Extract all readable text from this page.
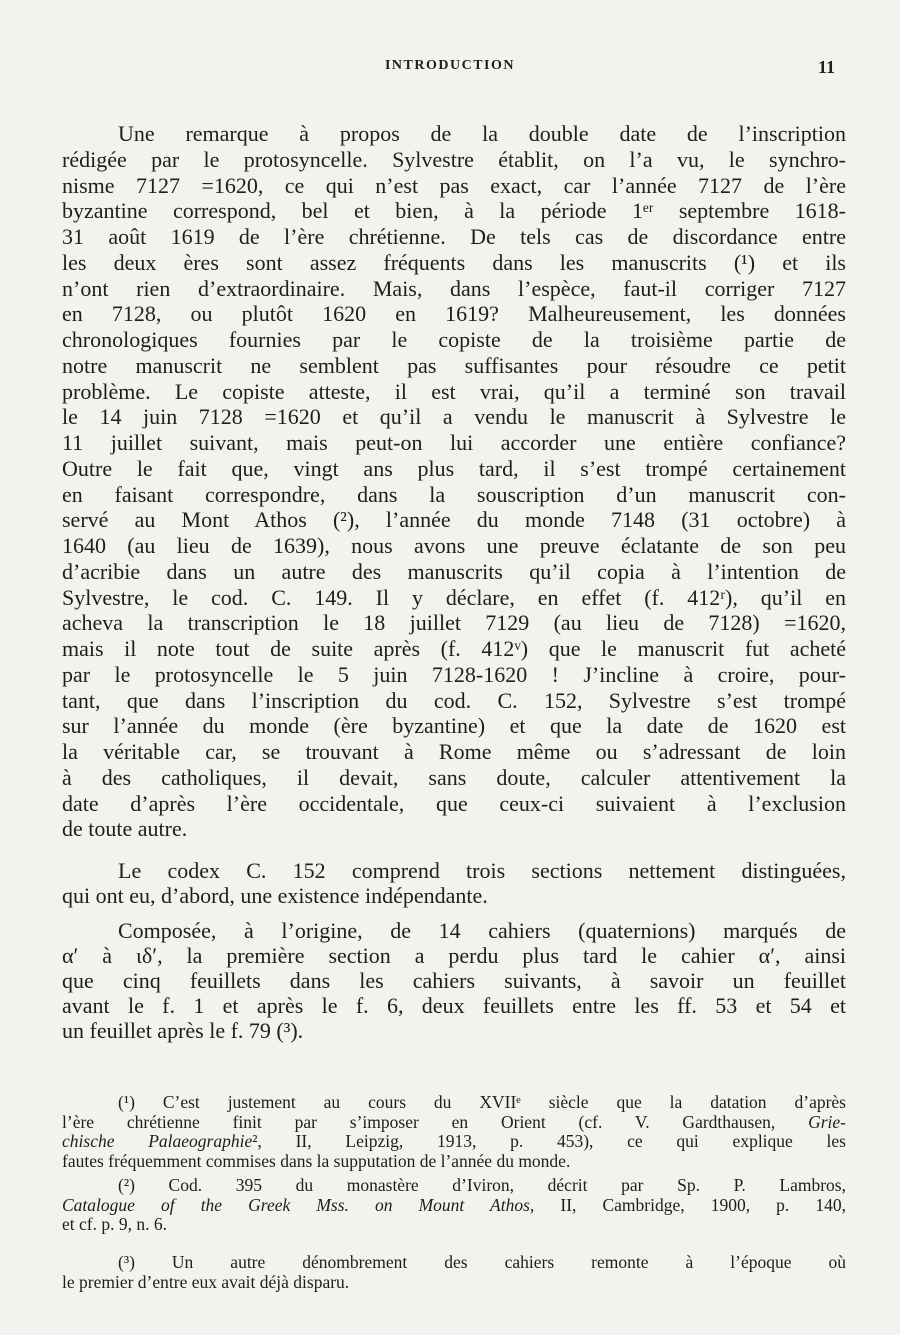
INTRODUCTION	11
Une remarque à propos de la double date de l’inscription
rédigée par le protosyncelle. Sylvestre établit, on l’a vu, le synchro-
nisme 7127 =1620, ce qui n’est pas exact, car l’année 7127 de l’ère
byzantine correspond, bel et bien, à la période 1ᵉʳ septembre 1618-
31 août 1619 de l’ère chrétienne. De tels cas de discordance entre
les deux ères sont assez fréquents dans les manuscrits (¹) et ils
n’ont rien d’extraordinaire. Mais, dans l’espèce, faut-il corriger 7127
en 7128, ou plutôt 1620 en 1619? Malheureusement, les données
chronologiques fournies par le copiste de la troisième partie de
notre manuscrit ne semblent pas suffisantes pour résoudre ce petit
problème. Le copiste atteste, il est vrai, qu’il a terminé son travail
le 14 juin 7128 =1620 et qu’il a vendu le manuscrit à Sylvestre le
11 juillet suivant, mais peut-on lui accorder une entière confiance?
Outre le fait que, vingt ans plus tard, il s’est trompé certainement
en faisant correspondre, dans la souscription d’un manuscrit con-
servé au Mont Athos (²), l’année du monde 7148 (31 octobre) à
1640 (au lieu de 1639), nous avons une preuve éclatante de son peu
d’acribie dans un autre des manuscrits qu’il copia à l’intention de
Sylvestre, le cod. C. 149. Il y déclare, en effet (f. 412ʳ), qu’il en
acheva la transcription le 18 juillet 7129 (au lieu de 7128) =1620,
mais il note tout de suite après (f. 412ᵛ) que le manuscrit fut acheté
par le protosyncelle le 5 juin 7128-1620 ! J’incline à croire, pour-
tant, que dans l’inscription du cod. C. 152, Sylvestre s’est trompé
sur l’année du monde (ère byzantine) et que la date de 1620 est
la véritable car, se trouvant à Rome même ou s’adressant de loin
à des catholiques, il devait, sans doute, calculer attentivement la
date d’après l’ère occidentale, que ceux-ci suivaient à l’exclusion
de toute autre.
Le codex C. 152 comprend trois sections nettement distinguées,
qui ont eu, d’abord, une existence indépendante.
Composée, à l’origine, de 14 cahiers (quaternions) marqués de
α′ à ιδ′, la première section a perdu plus tard le cahier α′, ainsi
que cinq feuillets dans les cahiers suivants, à savoir un feuillet
avant le f. 1 et après le f. 6, deux feuillets entre les ff. 53 et 54 et
un feuillet après le f. 79 (³).
(¹) C’est justement au cours du XVIIᵉ siècle que la datation d’après
l’ère chrétienne finit par s’imposer en Orient (cf. V. Gardthausen, Grie-
chische Palaeographie², II, Leipzig, 1913, p. 453), ce qui explique les
fautes fréquemment commises dans la supputation de l’année du monde.
(²) Cod. 395 du monastère d’Iviron, décrit par Sp. P. Lambros,
Catalogue of the Greek Mss. on Mount Athos, II, Cambridge, 1900, p. 140,
et cf. p. 9, n. 6.
(³) Un autre dénombrement des cahiers remonte à l’époque où
le premier d’entre eux avait déjà disparu.
